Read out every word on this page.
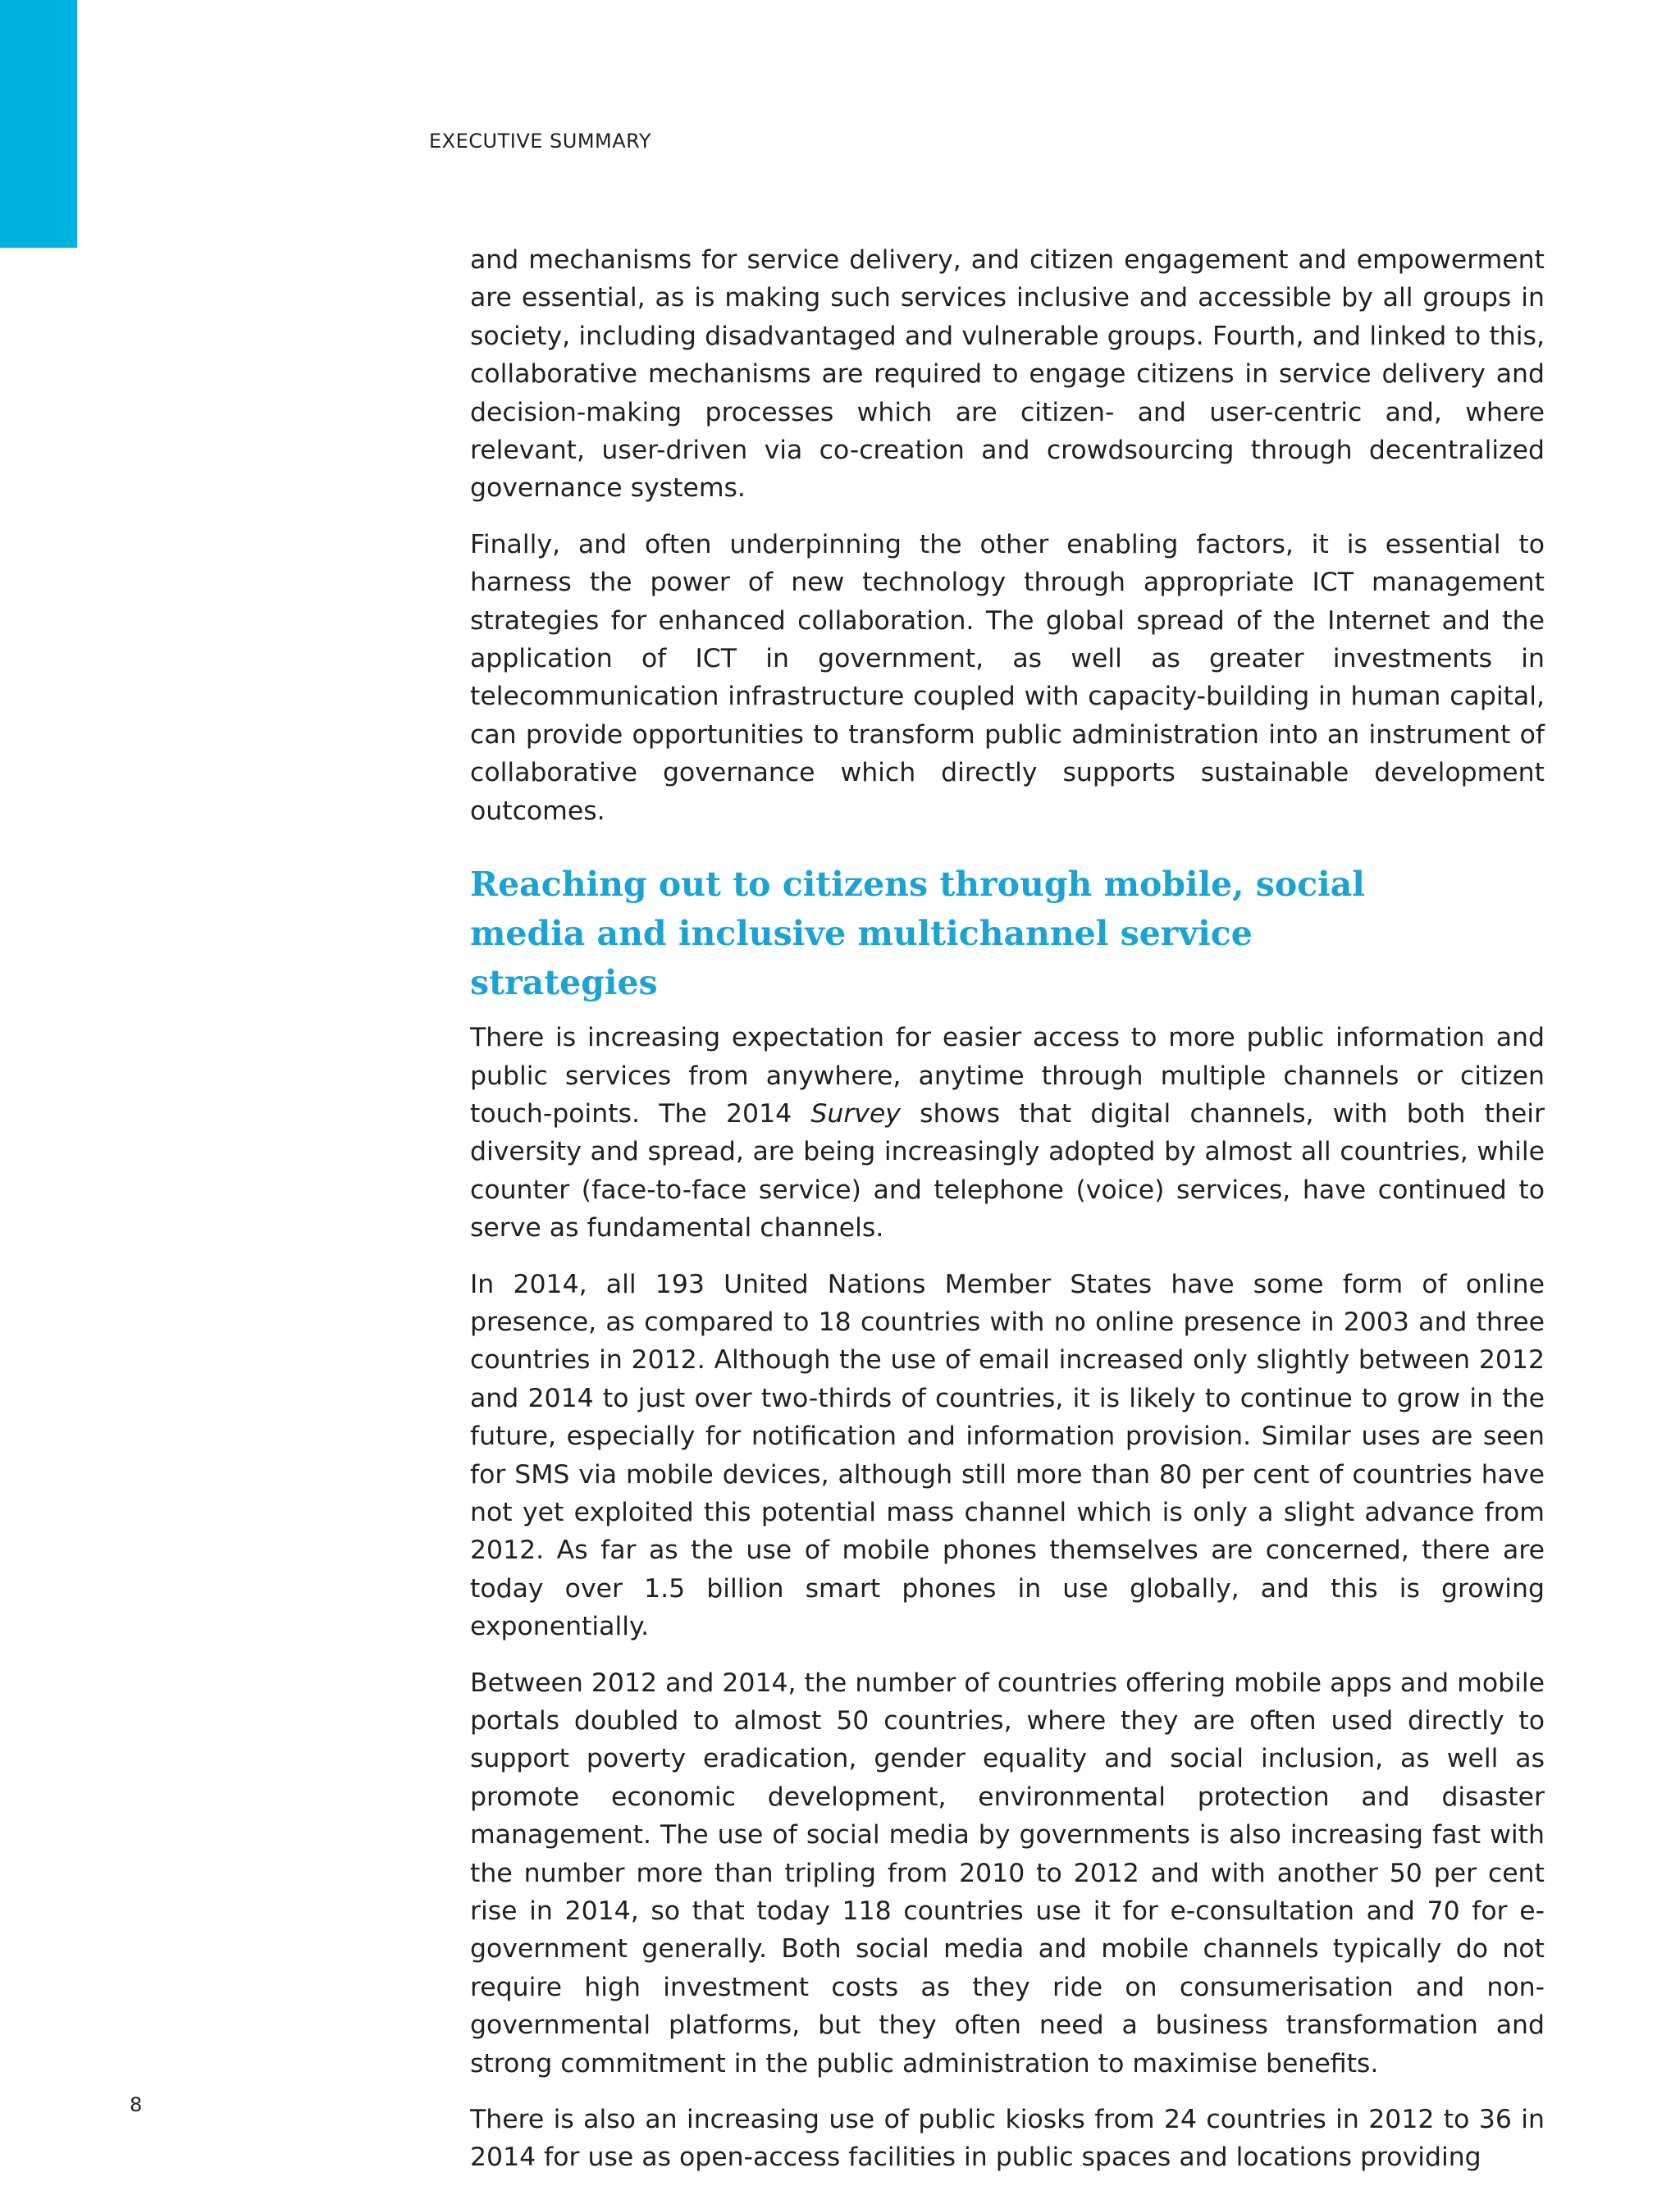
EXECUTIVE SUMMARY

and mechanisms for service delivery, and citizen engagement and empowerment are essential, as is making such services inclusive and accessible by all groups in society, including disadvantaged and vulnerable groups. Fourth, and linked to this, collaborative mechanisms are required to engage citizens in service delivery and decision-making processes which are citizen- and user-centric and, where relevant, user-driven via co-creation and crowdsourcing through decentralized governance systems.

Finally, and often underpinning the other enabling factors, it is essential to harness the power of new technology through appropriate ICT management strategies for enhanced collaboration. The global spread of the Internet and the application of ICT in government, as well as greater investments in telecommunication infrastructure coupled with capacity-building in human capital, can provide opportunities to transform public administration into an instrument of collaborative governance which directly supports sustainable development outcomes.

Reaching out to citizens through mobile, social media and inclusive multichannel service strategies

There is increasing expectation for easier access to more public information and public services from anywhere, anytime through multiple channels or citizen touch-points. The 2014 Survey shows that digital channels, with both their diversity and spread, are being increasingly adopted by almost all countries, while counter (face-to-face service) and telephone (voice) services, have continued to serve as fundamental channels.

In 2014, all 193 United Nations Member States have some form of online presence, as compared to 18 countries with no online presence in 2003 and three countries in 2012. Although the use of email increased only slightly between 2012 and 2014 to just over two-thirds of countries, it is likely to continue to grow in the future, especially for notification and information provision. Similar uses are seen for SMS via mobile devices, although still more than 80 per cent of countries have not yet exploited this potential mass channel which is only a slight advance from 2012. As far as the use of mobile phones themselves are concerned, there are today over 1.5 billion smart phones in use globally, and this is growing exponentially.

Between 2012 and 2014, the number of countries offering mobile apps and mobile portals doubled to almost 50 countries, where they are often used directly to support poverty eradication, gender equality and social inclusion, as well as promote economic development, environmental protection and disaster management. The use of social media by governments is also increasing fast with the number more than tripling from 2010 to 2012 and with another 50 per cent rise in 2014, so that today 118 countries use it for e-consultation and 70 for e-government generally. Both social media and mobile channels typically do not require high investment costs as they ride on consumerisation and non-governmental platforms, but they often need a business transformation and strong commitment in the public administration to maximise benefits.

There is also an increasing use of public kiosks from 24 countries in 2012 to 36 in 2014 for use as open-access facilities in public spaces and locations providing

8
